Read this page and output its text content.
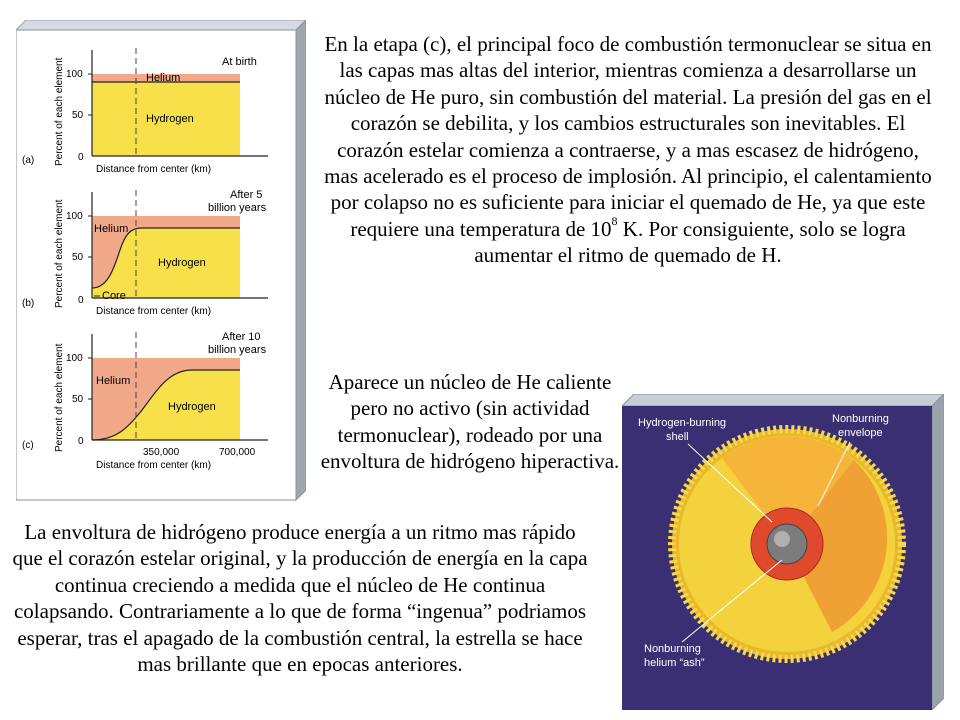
(a) Percent of each element 100
50
0
Helium
Hydrogen
At birth
Distance from center (km)
(b) Percent of each element 100
50
0
Helium
Hydrogen
Core
After 5
billion years
Distance from center (km)
(c) Percent of each element 100
50
0
Helium
Hydrogen
After 10
billion years
350,000	700,000
Distance from center (km)

En la etapa (c), el principal foco de combustión termonuclear se situa en las capas mas altas del interior, mientras comienza a desarrollarse un núcleo de He puro, sin combustión del material. La presión del gas en el corazón se debilita, y los cambios estructurales son inevitables. El corazón estelar comienza a contraerse, y a mas escasez de hidrógeno, mas acelerado es el proceso de implosión. Al principio, el calentamiento por colapso no es suficiente para iniciar el quemado de He, ya que este requiere una temperatura de $10^8$ K. Por consiguiente, solo se logra aumentar el ritmo de quemado de H.

Aparece un núcleo de He caliente pero no activo (sin actividad termonuclear), rodeado por una envoltura de hidrógeno hiperactiva.

La envoltura de hidrógeno produce energía a un ritmo mas rápido que el corazón estelar original, y la producción de energía en la capa continua creciendo a medida que el núcleo de He continua colapsando. Contrariamente a lo que de forma “ingenua” podriamos esperar, tras el apagado de la combustión central, la estrella se hace mas brillante que en epocas anteriores.

Hydrogen-burning
shell
Nonburning
envelope
Nonburning
helium “ash”
